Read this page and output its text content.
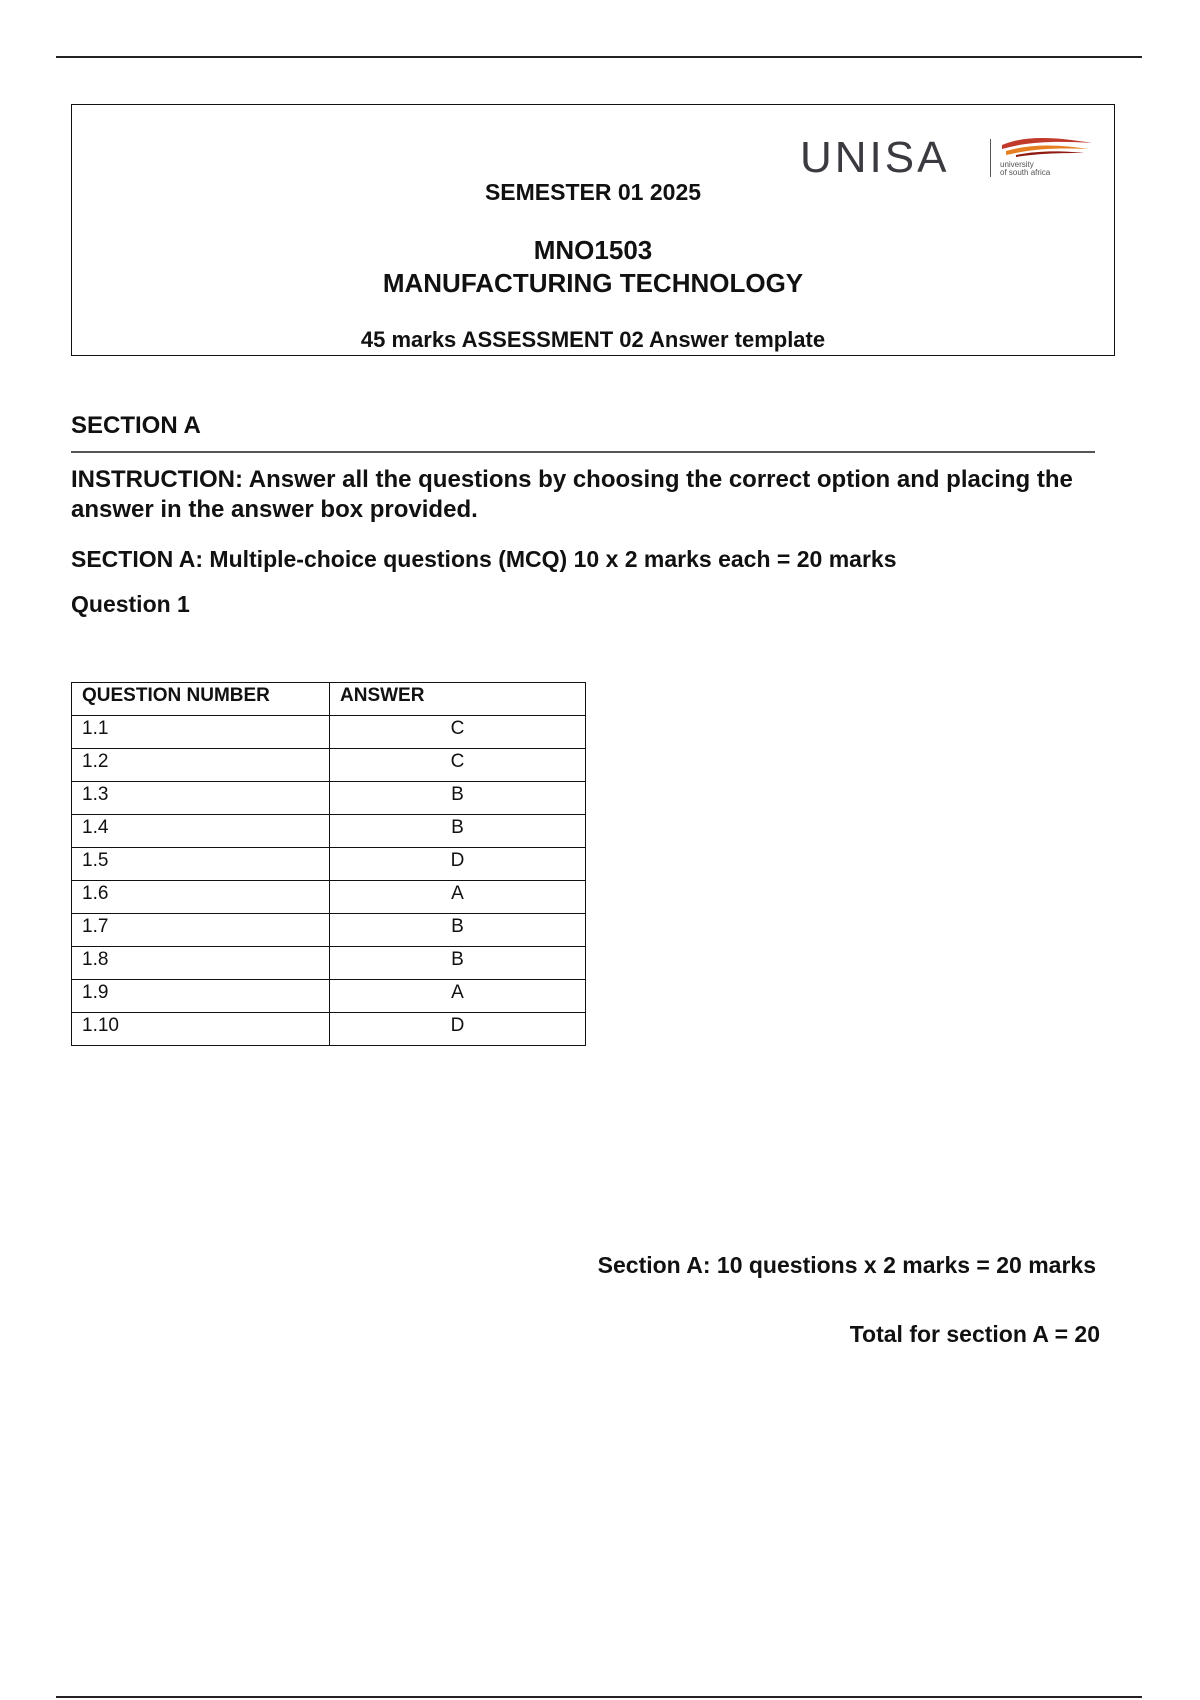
UNISA	university
of south africa
SEMESTER 01 2025
MNO1503
MANUFACTURING TECHNOLOGY
45 marks ASSESSMENT 02 Answer template
SECTION A
INSTRUCTION: Answer all the questions by choosing the correct option and placing the answer in the answer box provided.
SECTION A: Multiple-choice questions (MCQ) 10 x 2 marks each = 20 marks
Question 1
QUESTION NUMBER	ANSWER
1.1	C
1.2	C
1.3	B
1.4	B
1.5	D
1.6	A
1.7	B
1.8	B
1.9	A
1.10	D
Section A: 10 questions x 2 marks = 20 marks
Total for section A = 20
